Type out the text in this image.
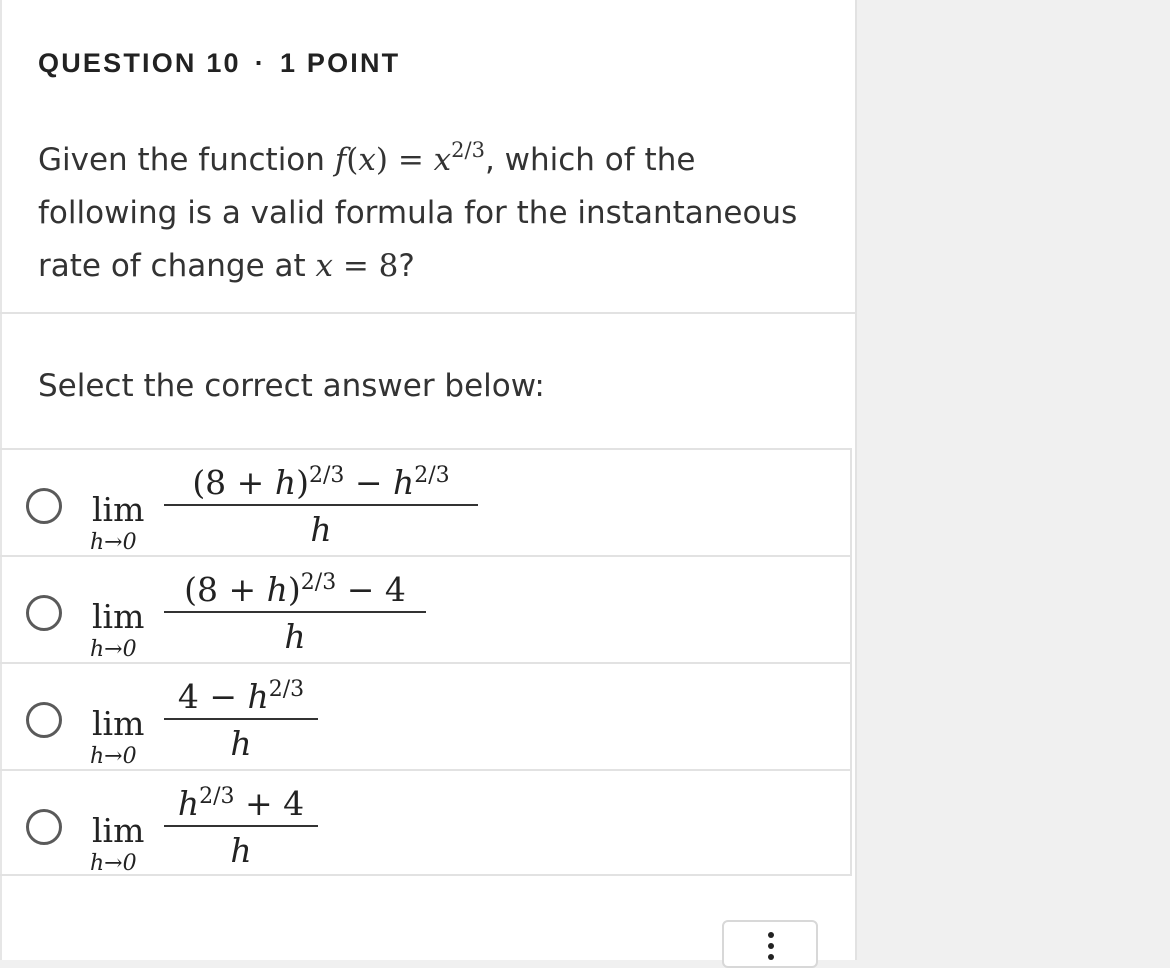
QUESTION 10 · 1 POINT
Given the function $f(x) = x^{2/3}$, which of the following is a valid formula for the instantaneous rate of change at x = 8?
Select the correct answer below:
lim
h→0
$(8 + h)^{2/3} - h^{2/3}$
h
lim
h→0
$(8 + h)^{2/3} - 4$
h
lim
h→0
$4 - h^{2/3}$
h
lim
h→0
$h^{2/3} + 4$
h
